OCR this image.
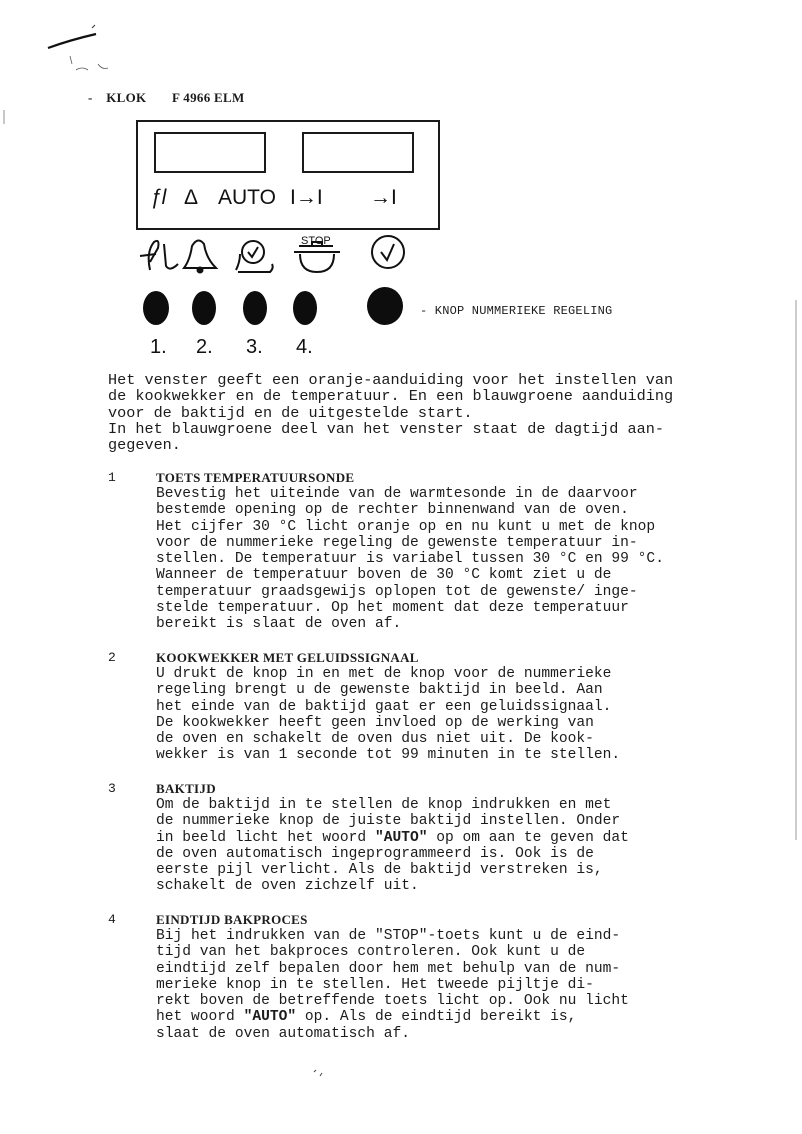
- KLOK F 4966 ELM
ƒl Δ AUTO I→I →I
STOP
- KNOP NUMMERIEKE REGELING
1. 2. 3. 4.
Het venster geeft een oranje-aanduiding voor het instellen van
de kookwekker en de temperatuur. En een blauwgroene aanduiding
voor de baktijd en de uitgestelde start.
In het blauwgroene deel van het venster staat de dagtijd aan-
gegeven.
1	TOETS TEMPERATUURSONDE
Bevestig het uiteinde van de warmtesonde in de daarvoor
bestemde opening op de rechter binnenwand van de oven.
Het cijfer 30 °C licht oranje op en nu kunt u met de knop
voor de nummerieke regeling de gewenste temperatuur in-
stellen. De temperatuur is variabel tussen 30 °C en 99 °C.
Wanneer de temperatuur boven de 30 °C komt ziet u de
temperatuur graadsgewijs oplopen tot de gewenste/ inge-
stelde temperatuur. Op het moment dat deze temperatuur
bereikt is slaat de oven af.
2	KOOKWEKKER MET GELUIDSSIGNAAL
U drukt de knop in en met de knop voor de nummerieke
regeling brengt u de gewenste baktijd in beeld. Aan
het einde van de baktijd gaat er een geluidssignaal.
De kookwekker heeft geen invloed op de werking van
de oven en schakelt de oven dus niet uit. De kook-
wekker is van 1 seconde tot 99 minuten in te stellen.
3	BAKTIJD
Om de baktijd in te stellen de knop indrukken en met
de nummerieke knop de juiste baktijd instellen. Onder
in beeld licht het woord "AUTO" op om aan te geven dat
de oven automatisch ingeprogrammeerd is. Ook is de
eerste pijl verlicht. Als de baktijd verstreken is,
schakelt de oven zichzelf uit.
4	EINDTIJD BAKPROCES
Bij het indrukken van de "STOP"-toets kunt u de eind-
tijd van het bakproces controleren. Ook kunt u de
eindtijd zelf bepalen door hem met behulp van de num-
merieke knop in te stellen. Het tweede pijltje di-
rekt boven de betreffende toets licht op. Ook nu licht
het woord "AUTO" op. Als de eindtijd bereikt is,
slaat de oven automatisch af.
